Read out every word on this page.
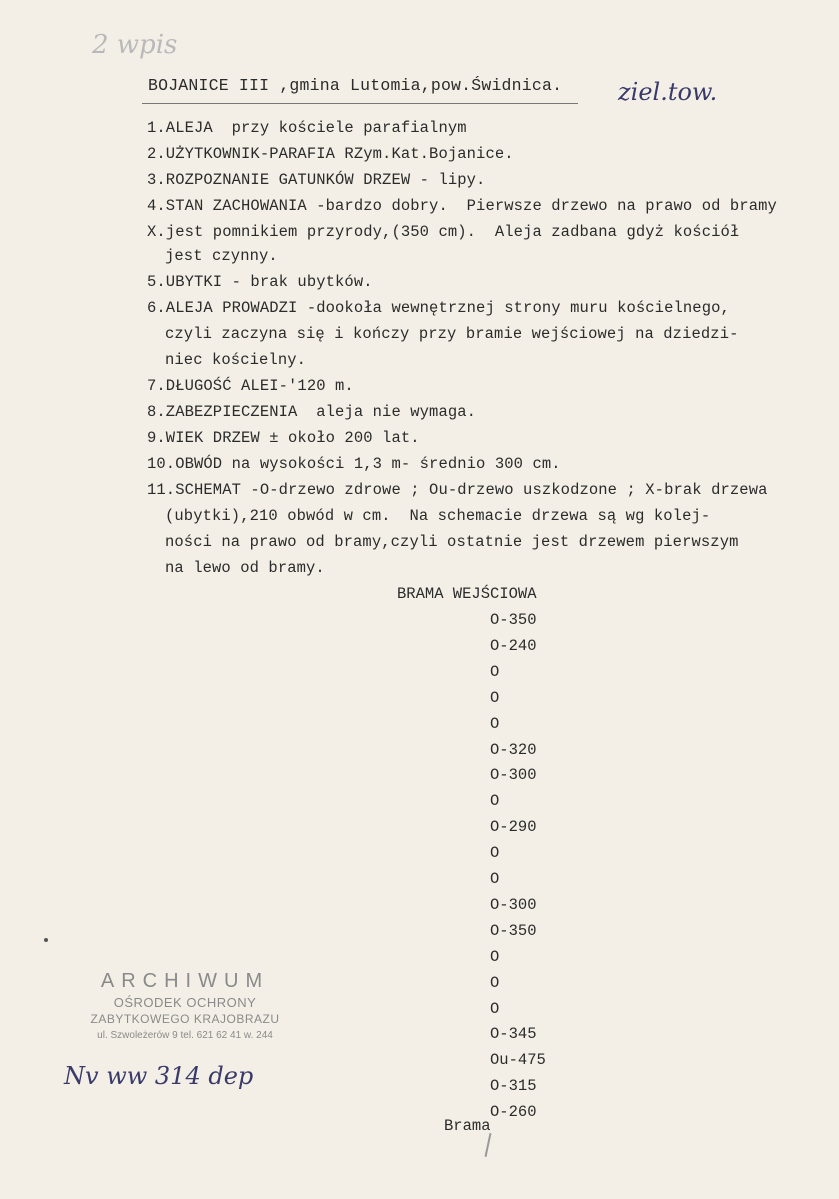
2 wpis
ziel.tow.
BOJANICE III ,gmina Lutomia,pow.Świdnica.
1.ALEJA  przy kościele parafialnym
2.UŻYTKOWNIK-PARAFIA RZym.Kat.Bojanice.
3.ROZPOZNANIE GATUNKÓW DRZEW - lipy.
4.STAN ZACHOWANIA -bardzo dobry.  Pierwsze drzewo na prawo od bramy
X.jest pomnikiem przyrody,(350 cm).  Aleja zadbana gdyż kościół
jest czynny.
5.UBYTKI - brak ubytków.
6.ALEJA PROWADZI -dookoła wewnętrznej strony muru kościelnego,
czyli zaczyna się i kończy przy bramie wejściowej na dziedzi-
niec kościelny.
7.DŁUGOŚĆ ALEI-'120 m.
8.ZABEZPIECZENIA  aleja nie wymaga.
9.WIEK DRZEW ± około 200 lat.
10.OBWÓD na wysokości 1,3 m- średnio 300 cm.
11.SCHEMAT -O-drzewo zdrowe ; Ou-drzewo uszkodzone ; X-brak drzewa
(ubytki),210 obwód w cm.  Na schemacie drzewa są wg kolej-
ności na prawo od bramy,czyli ostatnie jest drzewem pierwszym
na lewo od bramy.
BRAMA WEJŚCIOWA
O-350
O-240
O
O
O
O-320
O-300
O
O-290
O
O
O-300
O-350
O
O
O
O-345
Ou-475
O-315
O-260
Brama
ARCHIWUM
OŚRODEK OCHRONY
ZABYTKOWEGO KRAJOBRAZU
ul. Szwoleżerów 9 tel. 621 62 41 w. 244
Nv ww 314 dep
